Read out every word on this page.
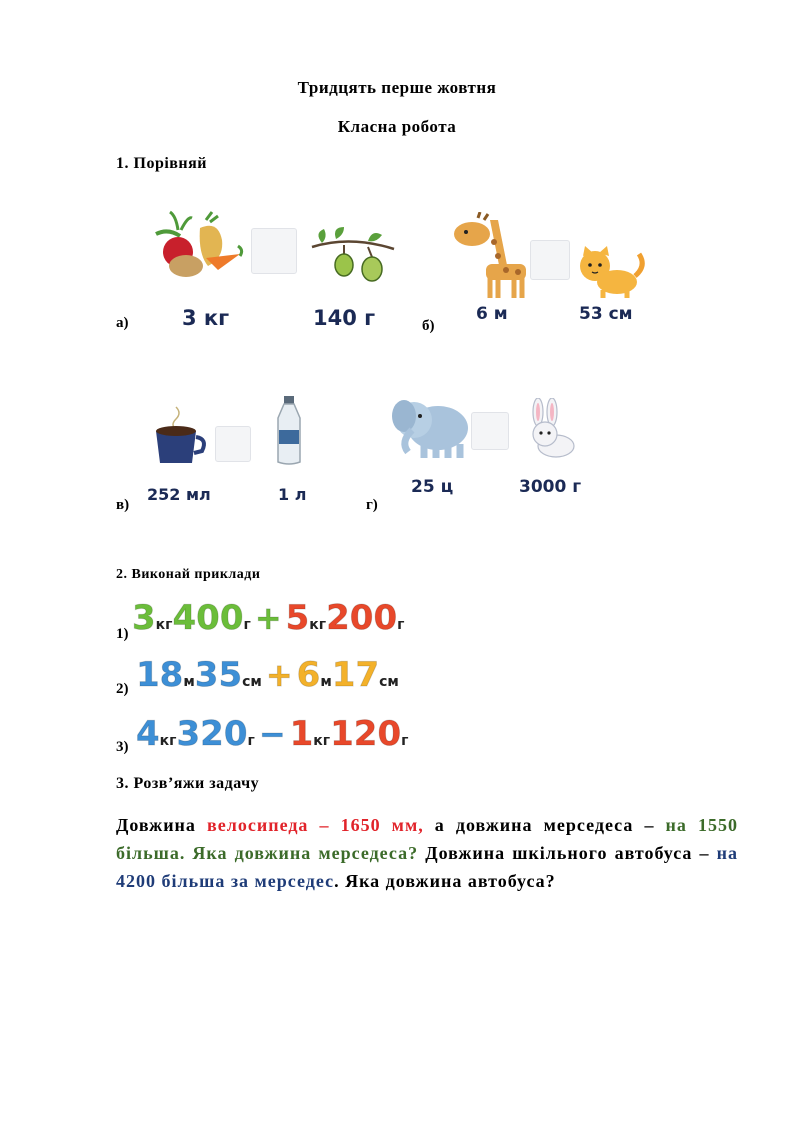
Тридцять перше жовтня
Класна робота
1. Порівняй
а)	3 кг	140 г	б)
6 м	53 см
в)
252 мл	1 л
г)
25 ц	3000 г
2. Виконай приклади
1) 3кг400г + 5кг200г
2) 18м35см + 6м17см
3) 4кг320г − 1кг120г
3. Розв’яжи задачу
Довжина велосипеда – 1650 мм, а довжина мерседеса – на 1550 більша. Яка довжина мерседеса? Довжина шкільного автобуса – на 4200 більша за мерседес. Яка довжина автобуса?
